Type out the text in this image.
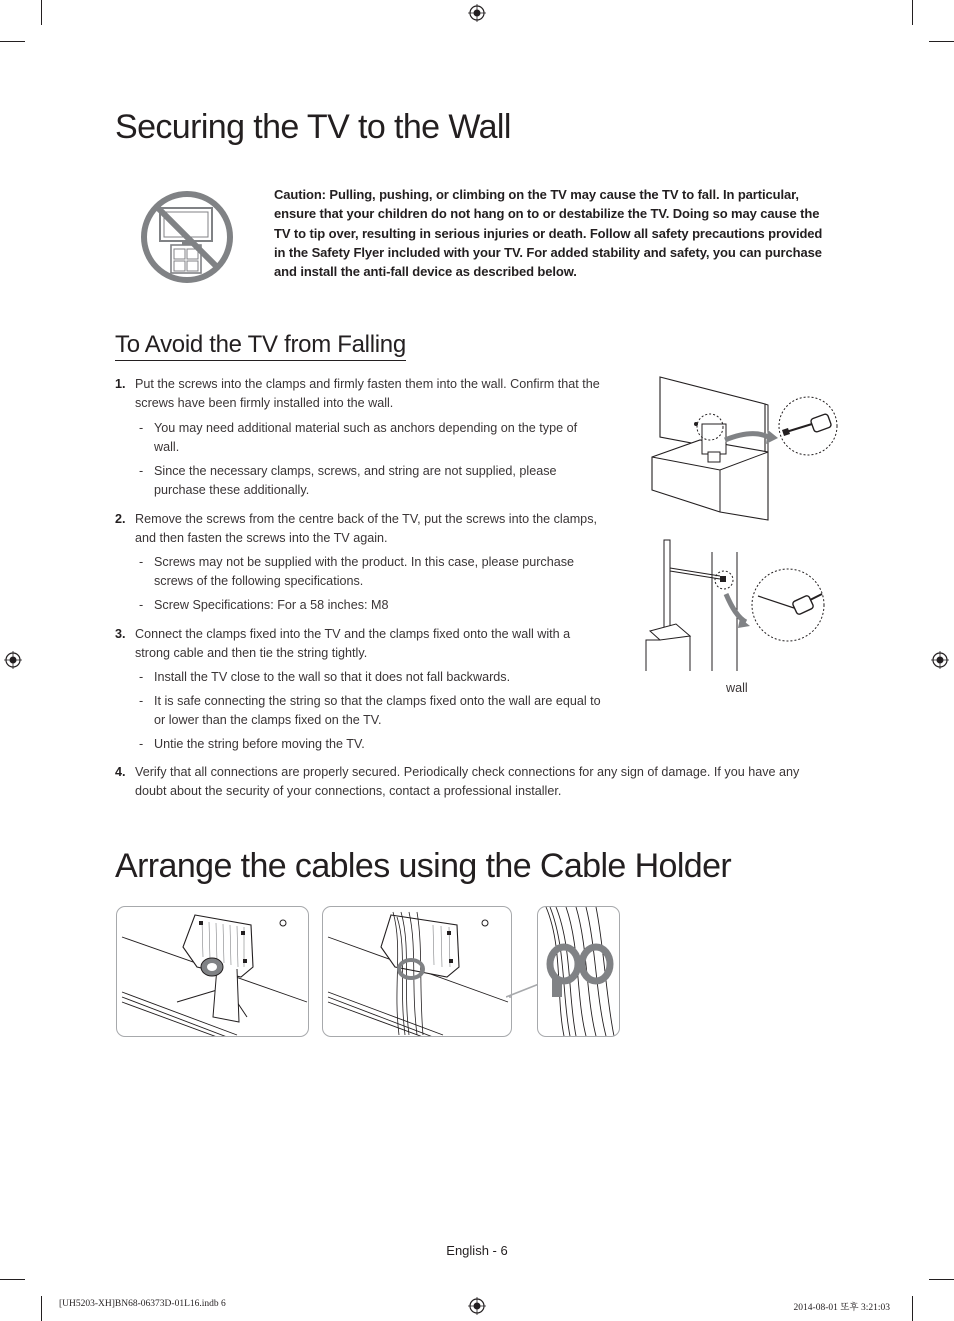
Securing the TV to the Wall
Caution: Pulling, pushing, or climbing on the TV may cause the TV to fall. In particular, ensure that your children do not hang on to or destabilize the TV. Doing so may cause the TV to tip over, resulting in serious injuries or death. Follow all safety precautions provided in the Safety Flyer included with your TV. For added stability and safety, you can purchase and install the anti-fall device as described below.
To Avoid the TV from Falling
1. Put the screws into the clamps and firmly fasten them into the wall. Confirm that the screws have been firmly installed into the wall.
- You may need additional material such as anchors depending on the type of wall.
- Since the necessary clamps, screws, and string are not supplied, please purchase these additionally.
2. Remove the screws from the centre back of the TV, put the screws into the clamps, and then fasten the screws into the TV again.
- Screws may not be supplied with the product. In this case, please purchase screws of the following specifications.
- Screw Specifications: For a 58 inches: M8
3. Connect the clamps fixed into the TV and the clamps fixed onto the wall with a strong cable and then tie the string tightly.
- Install the TV close to the wall so that it does not fall backwards.
- It is safe connecting the string so that the clamps fixed onto the wall are equal to or lower than the clamps fixed on the TV.
- Untie the string before moving the TV.
4. Verify that all connections are properly secured. Periodically check connections for any sign of damage. If you have any doubt about the security of your connections, contact a professional installer.
wall
Arrange the cables using the Cable Holder
English - 6
[UH5203-XH]BN68-06373D-01L16.indb 6	2014-08-01 또후 3:21:03
